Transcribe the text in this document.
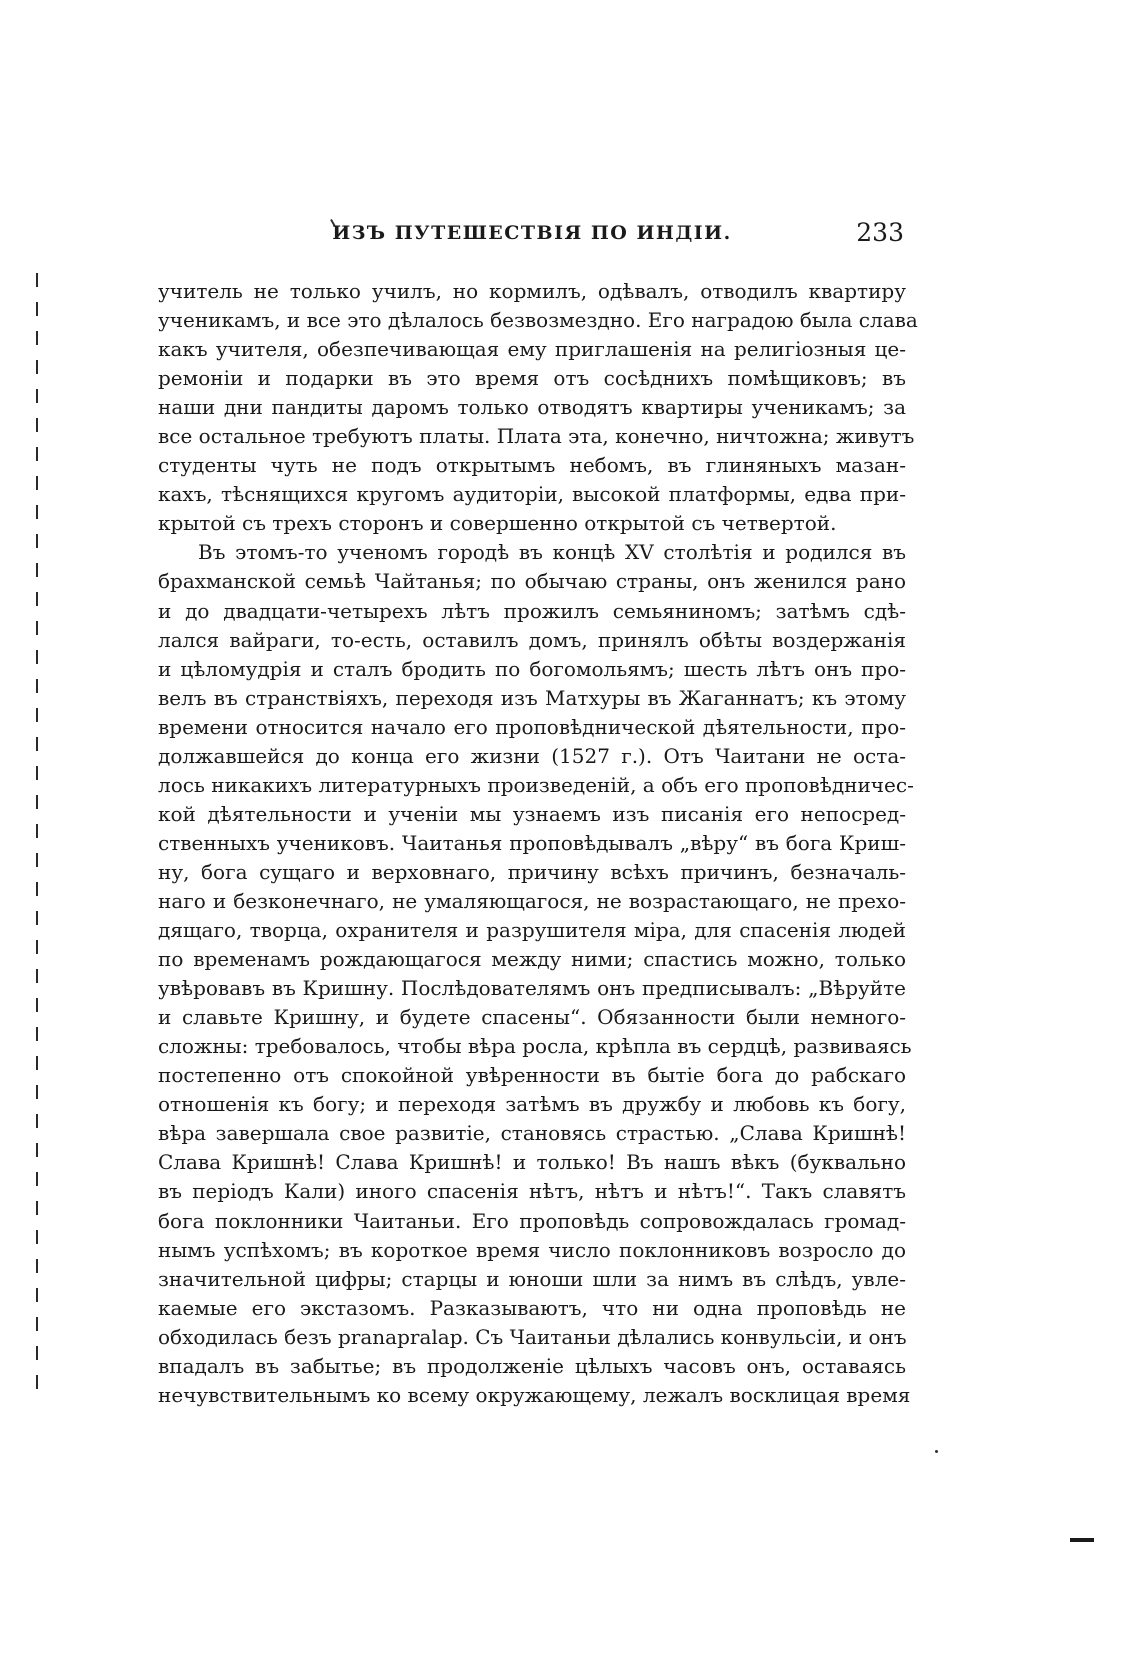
ИЗЪ ПУТЕШЕСТВІЯ ПО ИНДІИ.	233
учитель не только училъ, но кормилъ, одѣвалъ, отводилъ квартиру
ученикамъ, и все это дѣлалось безвозмездно. Его наградою была слава
какъ учителя, обезпечивающая ему приглашенія на религіозныя це-
ремоніи и подарки въ это время отъ сосѣднихъ помѣщиковъ; въ
наши дни пандиты даромъ только отводятъ квартиры ученикамъ; за
все остальное требуютъ платы. Плата эта, конечно, ничтожна; живутъ
студенты чуть не подъ открытымъ небомъ, въ глиняныхъ мазан-
кахъ, тѣснящихся кругомъ аудиторіи, высокой платформы, едва при-
крытой съ трехъ сторонъ и совершенно открытой съ четвертой.
Въ этомъ-то ученомъ городѣ въ концѣ XV столѣтія и родился въ
брахманской семьѣ Чайтанья; по обычаю страны, онъ женился рано
и до двадцати-четырехъ лѣтъ прожилъ семьяниномъ; затѣмъ сдѣ-
лался вайраги, то-есть, оставилъ домъ, принялъ обѣты воздержанія
и цѣломудрія и сталъ бродить по богомольямъ; шесть лѣтъ онъ про-
велъ въ странствіяхъ, переходя изъ Матхуры въ Жаганнатъ; къ этому
времени относится начало его проповѣднической дѣятельности, про-
должавшейся до конца его жизни (1527 г.). Отъ Чаитани не оста-
лось никакихъ литературныхъ произведеній, а объ его проповѣдничес-
кой дѣятельности и ученіи мы узнаемъ изъ писанія его непосред-
ственныхъ учениковъ. Чаитанья проповѣдывалъ „вѣру“ въ бога Криш-
ну, бога сущаго и верховнаго, причину всѣхъ причинъ, безначаль-
наго и безконечнаго, не умаляющагося, не возрастающаго, не прехо-
дящаго, творца, охранителя и разрушителя міра, для спасенія людей
по временамъ рождающагося между ними; спастись можно, только
увѣровавъ въ Кришну. Послѣдователямъ онъ предписывалъ: „Вѣруйте
и славьте Кришну, и будете спасены“. Обязанности были немного-
сложны: требовалось, чтобы вѣра росла, крѣпла въ сердцѣ, развиваясь
постепенно отъ спокойной увѣренности въ бытіе бога до рабскаго
отношенія къ богу; и переходя затѣмъ въ дружбу и любовь къ богу,
вѣра завершала свое развитіе, становясь страстью. „Слава Кришнѣ!
Слава Кришнѣ! Слава Кришнѣ! и только! Въ нашъ вѣкъ (буквально
въ періодъ Кали) иного спасенія нѣтъ, нѣтъ и нѣтъ!“. Такъ славятъ
бога поклонники Чаитаньи. Его проповѣдь сопровождалась громад-
нымъ успѣхомъ; въ короткое время число поклонниковъ возросло до
значительной цифры; старцы и юноши шли за нимъ въ слѣдъ, увле-
каемые его экстазомъ. Разказываютъ, что ни одна проповѣдь не
обходилась безъ pranapralap. Съ Чаитаньи дѣлались конвульсіи, и онъ
впадалъ въ забытье; въ продолженіе цѣлыхъ часовъ онъ, оставаясь
нечувствительнымъ ко всему окружающему, лежалъ восклицая время
